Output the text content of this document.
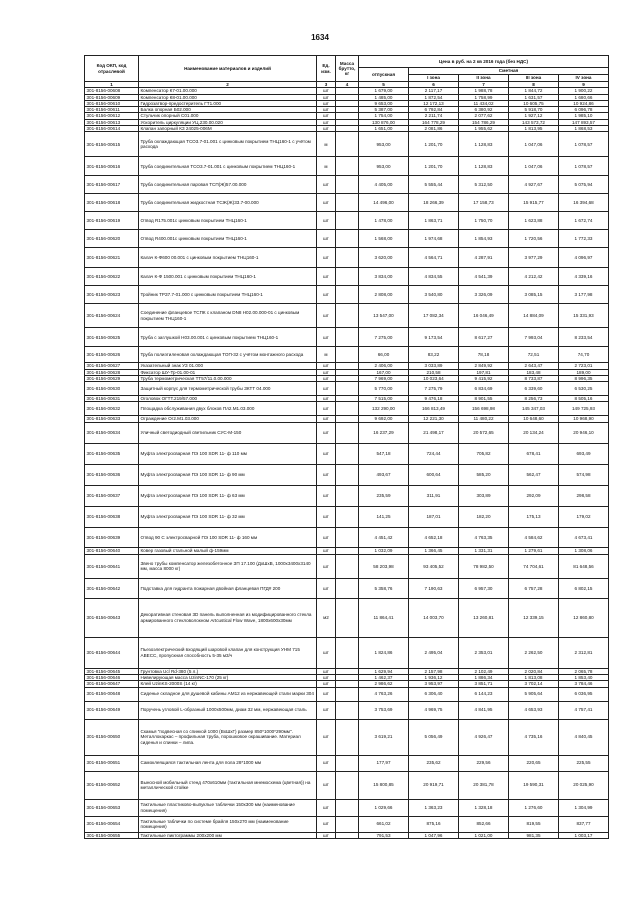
1634
Код ОКП, код отраслевой	Наименование материалов и изделий	Ед. изм.	Масса брутто, кг	Цена в руб. на 2 кв 2016 года (без НДС)				
				отпускная	Сметная			
					I зона	II зона	III зона	IV зона
1	2	3	4	5	6	7	8	9
301-8156-00608	Компенсатор К7-01.00.000	шт		1 679,00	2 117,17	1 988,78	1 844,72	1 900,22
301-8156-00609	Компенсатор К8-01.00.000	шт		1 485,00	1 872,54	1 758,99	1 631,57	1 680,66
301-8156-00610	Гидрозатвор-предостеритель ГТ1.000	шт		9 653,00	12 172,13	11 434,02	10 605,75	10 924,86
301-8156-00611	Балка опорная Б02.000	шт		5 387,00	6 792,84	6 380,92	5 918,70	6 096,78
301-8156-00612	Стульчик опорный С01.000	шт		1 754,00	2 211,74	2 077,62	1 927,12	1 985,10
301-8156-00613	Ускоритель циркуляции УЦ.230.00.020	шт		130 876,00	164 778,29	154 786,29	143 573,72	147 893,57
301-8156-00614	Клапан запорный КЗ 24025-006М	шт		1 651,00	2 081,86	1 955,62	1 813,95	1 868,53
301-8156-00615	Труба охлаждающая ТСО3.7-01.001 с цинковым покрытием ТНЦ160-1 с учётом расхода	м		953,00	1 201,70	1 128,83	1 047,06	1 078,57
301-8156-00616	Труба соединительная ТСО3.7-01.001 с цинковым покрытием ТНЦ160-1	м		953,00	1 201,70	1 128,83	1 047,06	1 078,57
301-8156-00617	Труба соединительная паровая ТСП(Ж)57.00.000	шт		4 405,00	5 555,44	5 312,50	4 927,67	5 075,94
301-8156-00618	Труба соединительная жидкостная ТСЖ(Ж)33.7-00.000	шт		14 496,00	18 266,39	17 158,73	15 915,77	16 394,68
301-8156-00619	Отвод R175.001с цинковым покрытием ТНЦ160-1	шт		1 478,00	1 863,71	1 750,70	1 623,88	1 672,74
301-8156-00620	Отвод R400.001с цинковым покрытием ТНЦ160-1	шт		1 568,00	1 974,68	1 854,93	1 720,56	1 772,33
301-8156-00621	Калач К-Ф600 00.001 с цинковым покрытием ТНЦ160-1	шт		3 620,00	4 564,71	4 287,91	3 977,29	4 096,97
301-8156-00622	Калач К-Ф 1500.001 с цинковым покрытием ТНЦ160-1	шт		3 834,00	4 834,55	4 541,39	4 212,42	4 339,16
301-8156-00623	Тройник ТРЗ7.7-01.000 с цинковым покрытием ТНЦ160-1	шт		2 808,00	3 540,80	3 326,09	3 085,15	3 177,98
301-8156-00624	Соединение фланцевое ТСПК с клапаном DN8 Н02.00.000-01 с цинковым покрытием ТНЦ160-1	шт		13 547,00	17 082,34	16 046,49	14 884,09	15 331,93
301-8156-00625	Труба с заглушкой Н03.00.001 с цинковым покрытием ТНЦ160-1	шт		7 275,00	9 173,54	8 617,27	7 993,04	8 233,54
301-8156-00626	Труба полиэтиленовая охлаждающая ТОП-32 с учётом монтажного расхода	м		66,00	83,22	78,18	72,51	74,70
301-8156-00627	Указательный знак УЗ 01.000	шт		2 406,00	3 033,89	2 849,92	2 643,47	2 723,01
301-8156-00628	Фиксатор ШУ-Тр-01.00-01	шт		167,00	210,58	197,81	183,48	189,00
301-8156-00629	Труба термометрическая ТТ57/11.0.00.000	шт		7 969,00	10 023,64	9 415,92	8 733,87	8 996,35
301-8156-00630	Защитный корпус для термометрической трубы ЗКТТ 04.000	шт		5 770,00	7 275,79	6 834,69	6 339,60	6 530,25
301-8156-00631	Оголовок ОГТТ.219/57.000	шт		7 515,00	9 476,18	8 901,55	8 256,73	8 505,16
301-8156-00632	Площадка обслуживания двух блоков Пл2.М1.03.000	шт		132 290,00	166 813,49	156 698,98	145 347,03	149 725,93
301-8156-00633	Ограждение Ог2.М1.03.000	шт		9 692,00	12 221,30	11 480,22	10 648,60	10 968,90
301-8156-00634	Уличный светодиодный светильник СУС-М-150	шт		16 237,29	21 498,17	20 572,65	20 134,24	20 946,10
301-8156-00635	Муфта электросварная ПЭ 100 SDR 11- ф 110 мм	шт		547,18	724,44	705,82	678,41	693,49
301-8156-00636	Муфта электросварная ПЭ 100 SDR 11- ф 90 мм	шт		493,67	600,64	585,20	562,47	574,98
301-8156-00637	Муфта электросварная ПЭ 100 SDR 11- ф 63 мм	шт		235,59	311,91	303,89	292,09	298,58
301-8156-00638	Муфта электросварная ПЭ 100 SDR 11- ф 32 мм	шт		141,25	187,01	182,20	175,13	179,02
301-8156-00639	Отвод 90 С электросварной ПЭ 100 SDR 11- ф 160 мм	шт		4 451,42	4 652,18	4 763,35	4 584,62	4 673,41
301-8156-00640	Ковер газовый стальной малый ф-159мм	шт		1 032,09	1 366,45	1 331,31	1 279,61	1 308,06
301-8156-00641	Звено трубы компенсатор железобетонное ЗП 17.100 (ДхШхВ, 1000х3400х3140 мм, масса 8000 кг)	шт		58 203,98	93 405,52	78 982,50	74 704,61	81 648,56
301-8156-00642	Подставка для гидранта пожарная двойная фланцевая ПГД# 200	шт		5 358,76	7 190,63	6 957,30	6 757,28	6 802,15
301-8156-00643	Декоративная стеновая 3D панель выполненная из модифицированного стекла армированного стекловолокном Artcustical Flow Wave, 1800х600х30мм	м2		11 864,41	14 003,70	13 260,81	12 339,15	12 860,80
301-8156-00644	Пьезоэлектрический входящий шаровой клапан для конструкция УНМ 715 АВЕСС, пропускная способность 5-35 м3/ч	шт		1 824,86	2 495,04	2 353,01	2 262,50	2 312,81
301-8156-00645	Грунтовка Ucl Rd-380 (5 л.)	шт		1 629,94	2 157,98	2 102,49	2 020,84	2 065,78
301-8156-00646	Нивелирующая масса UzinNC-170 (25 кг)	шт		1 462,37	1 936,12	1 886,34	1 813,08	1 853,40
301-8156-00647	Клей UzinKS-2000S (14 кг)	шт		2 986,62	3 953,97	3 851,71	3 702,14	3 784,46
301-8156-00648	Сиденье складное для душевой кабины АМ12 из нержавеющей стали марки 304	шт		4 763,26	6 306,40	6 144,23	5 905,64	6 036,95
301-8156-00649	Поручень угловой L-образный 1000х500мм, диам 32 мм, нержавеющая сталь	шт		3 753,69	4 969,75	4 841,95	4 653,93	4 757,41
301-8156-00650	Скамья "подвесная со спинкой 1000 (ВхШхГ) размер 850*1000*290мм". Металлокаркас – профильная труба, порошковое окрашивание. Материал сиденья и спинки – липа.	шт		3 619,21	5 056,49	4 926,47	4 735,16	4 840,45
301-8156-00651	Самоклеящаяся тактильная лента для пола 28*1000 мм	шт		177,97	235,62	229,56	220,65	225,55
301-8156-00652	Выносной мобильный стенд 470х610мм (тактильная мнемосхема (цветная)) на металлической стойке	шт		15 800,85	20 919,71	20 381,78	19 590,31	20 025,90
301-8156-00653	Тактильные пластиково-выпуклые таблички 150х300 мм (наименование помещения)	шт		1 029,66	1 363,23	1 328,18	1 276,60	1 304,99
301-8156-00654	Тактильные таблички по системе брайля 150х270 мм (наименование помещения)	шт		661,02	875,16	852,66	819,55	837,77
301-8156-00655	Тактильные пиктограммы 200х200 мм	шт		791,53	1 047,96	1 021,00	981,35	1 003,17
